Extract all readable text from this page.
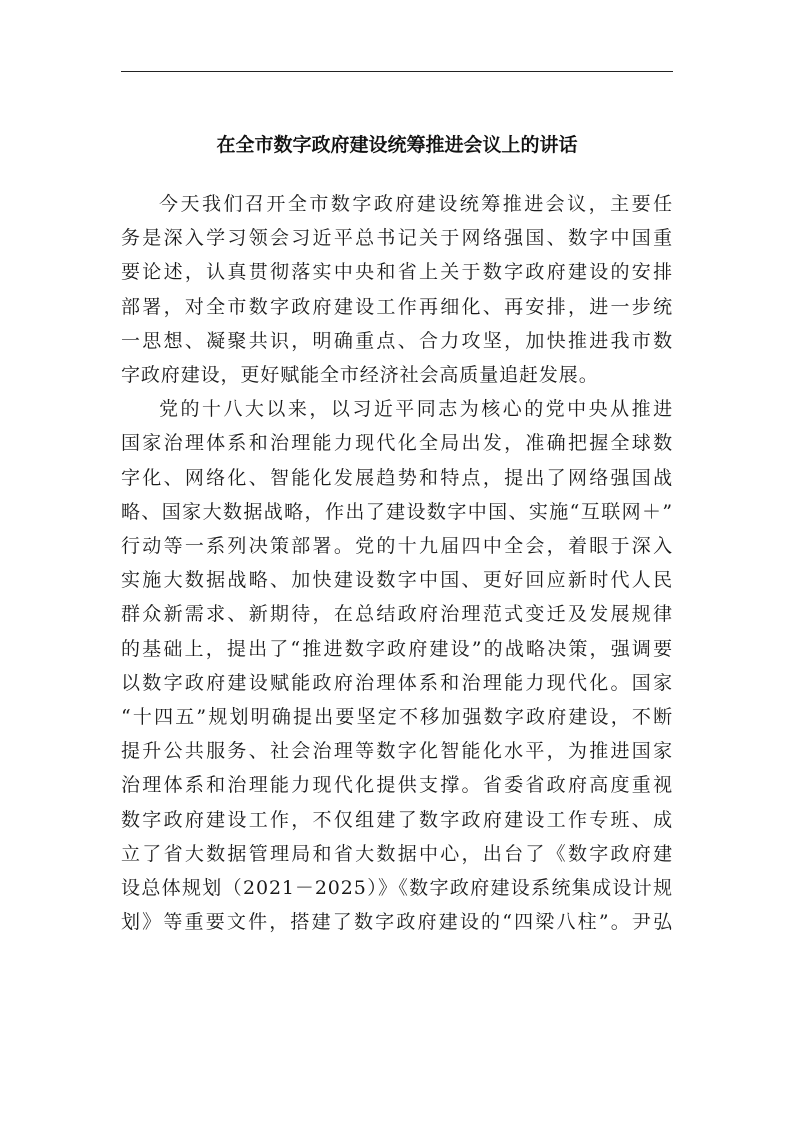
在全市数字政府建设统筹推进会议上的讲话

今天我们召开全市数字政府建设统筹推进会议，主要任
务是深入学习领会习近平总书记关于网络强国、数字中国重
要论述，认真贯彻落实中央和省上关于数字政府建设的安排
部署，对全市数字政府建设工作再细化、再安排，进一步统
一思想、凝聚共识，明确重点、合力攻坚，加快推进我市数
字政府建设，更好赋能全市经济社会高质量追赶发展。

党的十八大以来，以习近平同志为核心的党中央从推进
国家治理体系和治理能力现代化全局出发，准确把握全球数
字化、网络化、智能化发展趋势和特点，提出了网络强国战
略、国家大数据战略，作出了建设数字中国、实施“互联网＋”
行动等一系列决策部署。党的十九届四中全会，着眼于深入
实施大数据战略、加快建设数字中国、更好回应新时代人民
群众新需求、新期待，在总结政府治理范式变迁及发展规律
的基础上，提出了“推进数字政府建设”的战略决策，强调要
以数字政府建设赋能政府治理体系和治理能力现代化。国家
“十四五”规划明确提出要坚定不移加强数字政府建设，不断
提升公共服务、社会治理等数字化智能化水平，为推进国家
治理体系和治理能力现代化提供支撑。省委省政府高度重视
数字政府建设工作，不仅组建了数字政府建设工作专班、成
立了省大数据管理局和省大数据中心，出台了《数字政府建
设总体规划（2021－2025）》《数字政府建设系统集成设计规
划》等重要文件，搭建了数字政府建设的“四梁八柱”。尹弘
